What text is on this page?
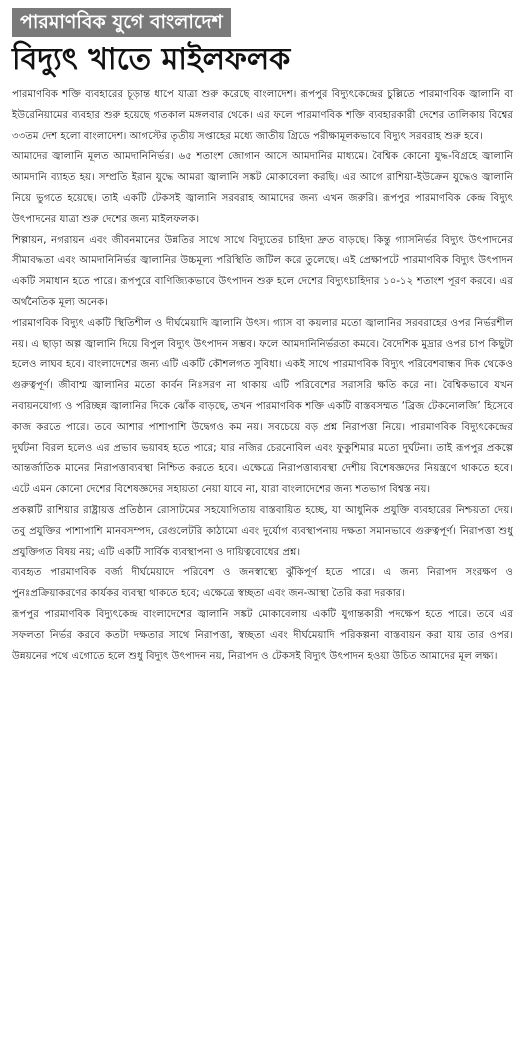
পারমাণবিক যুগে বাংলাদেশ
বিদ্যুৎ খাতে মাইলফলক

পারমাণবিক শক্তি ব্যবহারের চূড়ান্ত ধাপে যাত্রা শুরু করেছে বাংলাদেশ। রূপপুর বিদ্যুৎকেন্দ্রের চুল্লিতে পারমাণবিক জ্বালানি বা ইউরেনিয়ামের ব্যবহার শুরু হয়েছে গতকাল মঙ্গলবার থেকে। এর ফলে পারমাণবিক শক্তি ব্যবহারকারী দেশের তালিকায় বিশ্বের ৩৩তম দেশ হলো বাংলাদেশ। আগস্টের তৃতীয় সপ্তাহের মধ্যে জাতীয় গ্রিডে পরীক্ষামূলকভাবে বিদ্যুৎ সরবরাহ শুরু হবে।

আমাদের জ্বালানি মূলত আমদানিনির্ভর। ৬৫ শতাংশ জোগান আসে আমদানির মাধ্যমে। বৈশ্বিক কোনো যুদ্ধ-বিগ্রহে জ্বালানি আমদানি ব্যাহত হয়। সম্প্রতি ইরান যুদ্ধে আমরা জ্বালানি সঙ্কট মোকাবেলা করছি। এর আগে রাশিয়া-ইউক্রেন যুদ্ধেও জ্বালানি নিয়ে ভুগতে হয়েছে। তাই একটি টেকসই জ্বালানি সরবরাহ আমাদের জন্য এখন জরুরি। রূপপুর পারমাণবিক কেন্দ্র বিদ্যুৎ উৎপাদনের যাত্রা শুরু দেশের জন্য মাইলফলক।

শিল্পায়ন, নগরায়ন এবং জীবনমানের উন্নতির সাথে সাথে বিদ্যুতের চাহিদা দ্রুত বাড়ছে। কিন্তু গ্যাসনির্ভর বিদ্যুৎ উৎপাদনের সীমাবদ্ধতা এবং আমদানিনির্ভর জ্বালানির উচ্চমূল্য পরিস্থিতি জটিল করে তুলেছে। এই প্রেক্ষাপটে পারমাণবিক বিদ্যুৎ উৎপাদন একটি সমাধান হতে পারে। রূপপুরে বাণিজ্যিকভাবে উৎপাদন শুরু হলে দেশের বিদ্যুৎচাহিদার ১০-১২ শতাংশ পূরণ করবে। এর অর্থনৈতিক মূল্য অনেক।

পারমাণবিক বিদ্যুৎ একটি স্থিতিশীল ও দীর্ঘমেয়াদি জ্বালানি উৎস। গ্যাস বা কয়লার মতো জ্বালানির সরবরাহের ওপর নির্ভরশীল নয়। এ ছাড়া অল্প জ্বালানি দিয়ে বিপুল বিদ্যুৎ উৎপাদন সম্ভব। ফলে আমদানিনির্ভরতা কমবে। বৈদেশিক মুদ্রার ওপর চাপ কিছুটা হলেও লাঘব হবে। বাংলাদেশের জন্য এটি একটি কৌশলগত সুবিধা। একই সাথে পারমাণবিক বিদ্যুৎ পরিবেশবান্ধব দিক থেকেও গুরুত্বপূর্ণ। জীবাশ্ম জ্বালানির মতো কার্বন নিঃসরণ না থাকায় এটি পরিবেশের সরাসরি ক্ষতি করে না। বৈশ্বিকভাবে যখন নবায়নযোগ্য ও পরিচ্ছন্ন জ্বালানির দিকে ঝোঁক বাড়ছে, তখন পারমাণবিক শক্তি একটি বাস্তবসম্মত ‘ব্রিজ টেকনোলজি’ হিসেবে কাজ করতে পারে। তবে আশার পাশাপাশি উদ্বেগও কম নয়। সবচেয়ে বড় প্রশ্ন নিরাপত্তা নিয়ে। পারমাণবিক বিদ্যুৎকেন্দ্রের দুর্ঘটনা বিরল হলেও এর প্রভাব ভয়াবহ হতে পারে; যার নজির চেরনোবিল এবং ফুকুশিমার মতো দুর্ঘটনা। তাই রূপপুর প্রকল্পে আন্তর্জাতিক মানের নিরাপত্তাব্যবস্থা নিশ্চিত করতে হবে। এক্ষেত্রে নিরাপত্তাব্যবস্থা দেশীয় বিশেষজ্ঞদের নিয়ন্ত্রণে থাকতে হবে। এটে এমন কোনো দেশের বিশেষজ্ঞদের সহায়তা নেয়া যাবে না, যারা বাংলাদেশের জন্য শতভাগ বিশ্বস্ত নয়।

প্রকল্পটি রাশিয়ার রাষ্ট্রায়ত্ত প্রতিষ্ঠান রোসাটমের সহযোগিতায় বাস্তবায়িত হচ্ছে, যা আধুনিক প্রযুক্তি ব্যবহারের নিশ্চয়তা দেয়। তবু প্রযুক্তির পাশাপাশি মানবসম্পদ, রেগুলেটরি কাঠামো এবং দুর্যোগ ব্যবস্থাপনায় দক্ষতা সমানভাবে গুরুত্বপূর্ণ। নিরাপত্তা শুধু প্রযুক্তিগত বিষয় নয়; এটি একটি সার্বিক ব্যবস্থাপনা ও দায়িত্ববোধের প্রশ্ন।

ব্যবহৃত পারমাণবিক বর্জ্য দীর্ঘমেয়াদে পরিবেশ ও জনস্বাস্থ্যে ঝুঁকিপূর্ণ হতে পারে। এ জন্য নিরাপদ সংরক্ষণ ও পুনঃপ্রক্রিয়াকরণের কার্যকর ব্যবস্থা থাকতে হবে; এক্ষেত্রে স্বচ্ছতা এবং জন-আস্থা তৈরি করা দরকার।

রূপপুর পারমাণবিক বিদ্যুৎকেন্দ্র বাংলাদেশের জ্বালানি সঙ্কট মোকাবেলায় একটি যুগান্তকারী পদক্ষেপ হতে পারে। তবে এর সফলতা নির্ভর করবে কতটা দক্ষতার সাথে নিরাপত্তা, স্বচ্ছতা এবং দীর্ঘমেয়াদি পরিকল্পনা বাস্তবায়ন করা যায় তার ওপর। উন্নয়নের পথে এগোতে হলে শুধু বিদ্যুৎ উৎপাদন নয়, নিরাপদ ও টেকসই বিদ্যুৎ উৎপাদন হওয়া উচিত আমাদের মূল লক্ষ্য।
